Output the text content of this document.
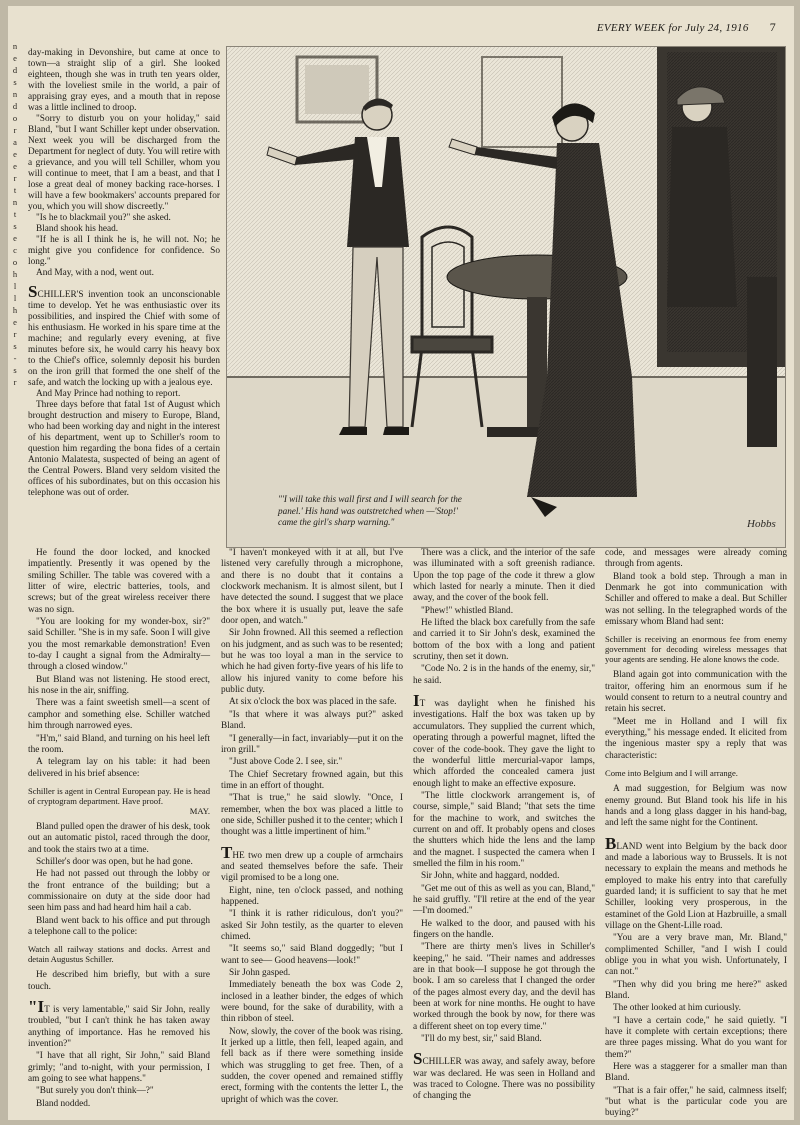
n
e
d
s
n
d
o
r
a
e
e
r
t
n
t
s
e
c
o
h
l
l
h
e
r
s
-
s
r
EVERY WEEK for July 24, 1916 7

day-making in Devonshire, but came at once to town—a straight slip of a girl. She looked eighteen, though she was in truth ten years older, with the loveliest smile in the world, a pair of appraising gray eyes, and a mouth that in repose was a little inclined to droop.

"Sorry to disturb you on your holiday," said Bland, "but I want Schiller kept under observation. Next week you will be discharged from the Department for neglect of duty. You will retire with a grievance, and you will tell Schiller, whom you will continue to meet, that I am a beast, and that I lose a great deal of money backing race-horses. I will have a few bookmakers' accounts prepared for you, which you will show discreetly."

"Is he to blackmail you?" she asked.

Bland shook his head.

"If he is all I think he is, he will not. No; he might give you confidence for confidence. So long."

And May, with a nod, went out.

SCHILLER'S invention took an unconscionable time to develop. Yet he was enthusiastic over its possibilities, and inspired the Chief with some of his enthusiasm. He worked in his spare time at the machine; and regularly every evening, at five minutes before six, he would carry his heavy box to the Chief's office, solemnly deposit his burden on the iron grill that formed the one shelf of the safe, and watch the locking up with a jealous eye.

And May Prince had nothing to report.

Three days before that fatal 1st of August which brought destruction and misery to Europe, Bland, who had been working day and night in the interest of his department, went up to Schiller's room to question him regarding the bona fides of a certain Antonio Malatesta, suspected of being an agent of the Central Powers. Bland very seldom visited the offices of his subordinates, but on this occasion his telephone was out of order.

Hobbs
"'I will take this wall first and I will search for the panel.' His hand was outstretched when —'Stop!' came the girl's sharp warning."

He found the door locked, and knocked impatiently. Presently it was opened by the smiling Schiller. The table was covered with a litter of wire, electric batteries, tools, and screws; but of the great wireless receiver there was no sign.

"You are looking for my wonder-box, sir?" said Schiller. "She is in my safe. Soon I will give you the most remarkable demonstration! Even to-day I caught a signal from the Admiralty—through a closed window."

But Bland was not listening. He stood erect, his nose in the air, sniffing.

There was a faint sweetish smell—a scent of camphor and something else. Schiller watched him through narrowed eyes.

"H'm," said Bland, and turning on his heel left the room.

A telegram lay on his table: it had been delivered in his brief absence:

Schiller is agent in Central European pay. He is head of cryptogram department. Have proof.
MAY.

Bland pulled open the drawer of his desk, took out an automatic pistol, raced through the door, and took the stairs two at a time.

Schiller's door was open, but he had gone.

He had not passed out through the lobby or the front entrance of the building; but a commissionaire on duty at the side door had seen him pass and had heard him hail a cab.

Bland went back to his office and put through a telephone call to the police:

Watch all railway stations and docks. Arrest and detain Augustus Schiller.

He described him briefly, but with a sure touch.

"IT is very lamentable," said Sir John, really troubled, "but I can't think he has taken away anything of importance. Has he removed his invention?"

"I have that all right, Sir John," said Bland grimly; "and to-night, with your permission, I am going to see what happens."

"But surely you don't think—?"

Bland nodded.

"I haven't monkeyed with it at all, but I've listened very carefully through a microphone, and there is no doubt that it contains a clockwork mechanism. It is almost silent, but I have detected the sound. I suggest that we place the box where it is usually put, leave the safe door open, and watch."

Sir John frowned. All this seemed a reflection on his judgment, and as such was to be resented; but he was too loyal a man in the service to which he had given forty-five years of his life to allow his injured vanity to come before his public duty.

At six o'clock the box was placed in the safe.

"Is that where it was always put?" asked Bland.

"I generally—in fact, invariably—put it on the iron grill."

"Just above Code 2. I see, sir."

The Chief Secretary frowned again, but this time in an effort of thought.

"That is true," he said slowly. "Once, I remember, when the box was placed a little to one side, Schiller pushed it to the center; which I thought was a little impertinent of him."

THE two men drew up a couple of armchairs and seated themselves before the safe. Their vigil promised to be a long one.

Eight, nine, ten o'clock passed, and nothing happened.

"I think it is rather ridiculous, don't you?" asked Sir John testily, as the quarter to eleven chimed.

"It seems so," said Bland doggedly; "but I want to see— Good heavens—look!"

Sir John gasped.

Immediately beneath the box was Code 2, inclosed in a leather binder, the edges of which were bound, for the sake of durability, with a thin ribbon of steel.

Now, slowly, the cover of the book was rising. It jerked up a little, then fell, leaped again, and fell back as if there were something inside which was struggling to get free. Then, of a sudden, the cover opened and remained stiffly erect, forming with the contents the letter L, the upright of which was the cover.

There was a click, and the interior of the safe was illuminated with a soft greenish radiance. Upon the top page of the code it threw a glow which lasted for nearly a minute. Then it died away, and the cover of the book fell.

"Phew!" whistled Bland.

He lifted the black box carefully from the safe and carried it to Sir John's desk, examined the bottom of the box with a long and patient scrutiny, then set it down.

"Code No. 2 is in the hands of the enemy, sir," he said.

IT was daylight when he finished his investigations. Half the box was taken up by accumulators. They supplied the current which, operating through a powerful magnet, lifted the cover of the code-book. They gave the light to the wonderful little mercurial-vapor lamps, which afforded the concealed camera just enough light to make an effective exposure.

"The little clockwork arrangement is, of course, simple," said Bland; "that sets the time for the machine to work, and switches the current on and off. It probably opens and closes the shutters which hide the lens and the lamp and the magnet. I suspected the camera when I smelled the film in his room."

Sir John, white and haggard, nodded.

"Get me out of this as well as you can, Bland," he said gruffly. "I'll retire at the end of the year—I'm doomed."

He walked to the door, and paused with his fingers on the handle.

"There are thirty men's lives in Schiller's keeping," he said. "Their names and addresses are in that book—I suppose he got through the book. I am so careless that I changed the order of the pages almost every day, and the devil has been at work for nine months. He ought to have worked through the book by now, for there was a different sheet on top every time."

"I'll do my best, sir," said Bland.

SCHILLER was away, and safely away, before war was declared. He was seen in Holland and was traced to Cologne. There was no possibility of changing the

code, and messages were already coming through from agents.

Bland took a bold step. Through a man in Denmark he got into communication with Schiller and offered to make a deal. But Schiller was not selling. In the telegraphed words of the emissary whom Bland had sent:

Schiller is receiving an enormous fee from enemy government for decoding wireless messages that your agents are sending. He alone knows the code.

Bland again got into communication with the traitor, offering him an enormous sum if he would consent to return to a neutral country and retain his secret.

"Meet me in Holland and I will fix everything," his message ended. It elicited from the ingenious master spy a reply that was characteristic:

Come into Belgium and I will arrange.

A mad suggestion, for Belgium was now enemy ground. But Bland took his life in his hands and a long glass dagger in his hand-bag, and left the same night for the Continent.

BLAND went into Belgium by the back door and made a laborious way to Brussels. It is not necessary to explain the means and methods he employed to make his entry into that carefully guarded land; it is sufficient to say that he met Schiller, looking very prosperous, in the estaminet of the Gold Lion at Hazbruille, a small village on the Ghent-Lille road.

"You are a very brave man, Mr. Bland," complimented Schiller, "and I wish I could oblige you in what you wish. Unfortunately, I can not."

"Then why did you bring me here?" asked Bland.

The other looked at him curiously.

"I have a certain code," he said quietly. "I have it complete with certain exceptions; there are three pages missing. What do you want for them?"

Here was a staggerer for a smaller man than Bland.

"That is a fair offer," he said, calmness itself; "but what is the particular code you are buying?"
